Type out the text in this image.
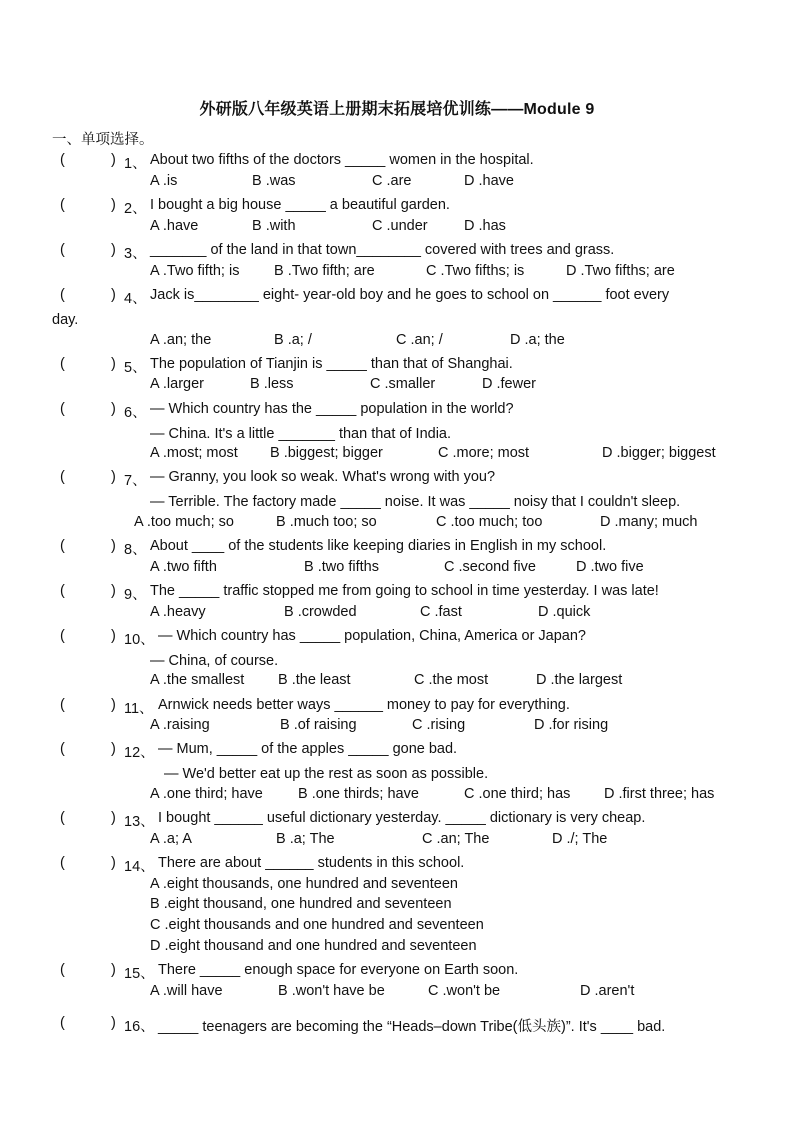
外研版八年级英语上册期末拓展培优训练——Module 9
一、单项选择。
(	) 1、 About two fifths of the doctors _____ women in the hospital.
A .is	B .was	C .are	D .have
(	) 2、 I bought a big house _____ a beautiful garden.
A .have	B .with	C .under	D .has
(	) 3、 _______ of the land in that town________ covered with trees and grass.
A .Two fifth; is B .Two fifth; are	C .Two fifths; is	D .Two fifths; are
(	) 4、 Jack is________ eight- year-old boy and he goes to school on ______ foot every
day.
A .an; the	B .a; /	C .an; /	D .a; the
(	) 5、 The population of Tianjin is _____ than that of Shanghai.
A .larger	B .less	C .smaller	D .fewer
(	) 6、 — Which country has the _____ population in the world?
— China. It's a little _______ than that of India.
A .most; most B .biggest; bigger	C .more; most	D .bigger; biggest
(	) 7、 — Granny, you look so weak. What's wrong with you?
— Terrible. The factory made _____ noise. It was _____ noisy that I couldn't sleep.
A .too much; so	B .much too; so	C .too much; too	D .many; much
(	) 8、 About ____ of the students like keeping diaries in English in my school.
A .two fifth	B .two fifths	C .second five	D .two five
(	) 9、 The _____ traffic stopped me from going to school in time yesterday. I was late!
A .heavy	B .crowded	C .fast	D .quick
(	) 10、 — Which country has _____ population, China, America or Japan?
— China, of course.
A .the smallest B .the least	C .the most	D .the largest
(	) 11、 Arnwick needs better ways ______ money to pay for everything.
A .raising	B .of raising	C .rising	D .for rising
(	) 12、 — Mum, _____ of the apples _____ gone bad.
— We'd better eat up the rest as soon as possible.
A .one third; have B .one thirds; have	C .one third; has D .first three; has
(	) 13、 I bought ______ useful dictionary yesterday. _____ dictionary is very cheap.
A .a; A	B .a; The	C .an; The	D ./; The
(	) 14、 There are about ______ students in this school.
A .eight thousands, one hundred and seventeen
B .eight thousand, one hundred and seventeen
C .eight thousands and one hundred and seventeen
D .eight thousand and one hundred and seventeen
(	) 15、 There _____ enough space for everyone on Earth soon.
A .will have	B .won't have be	C .won't be	D .aren't
(	) 16、 _____ teenagers are becoming the “Heads–down Tribe(低头族)”. It's ____ bad.
